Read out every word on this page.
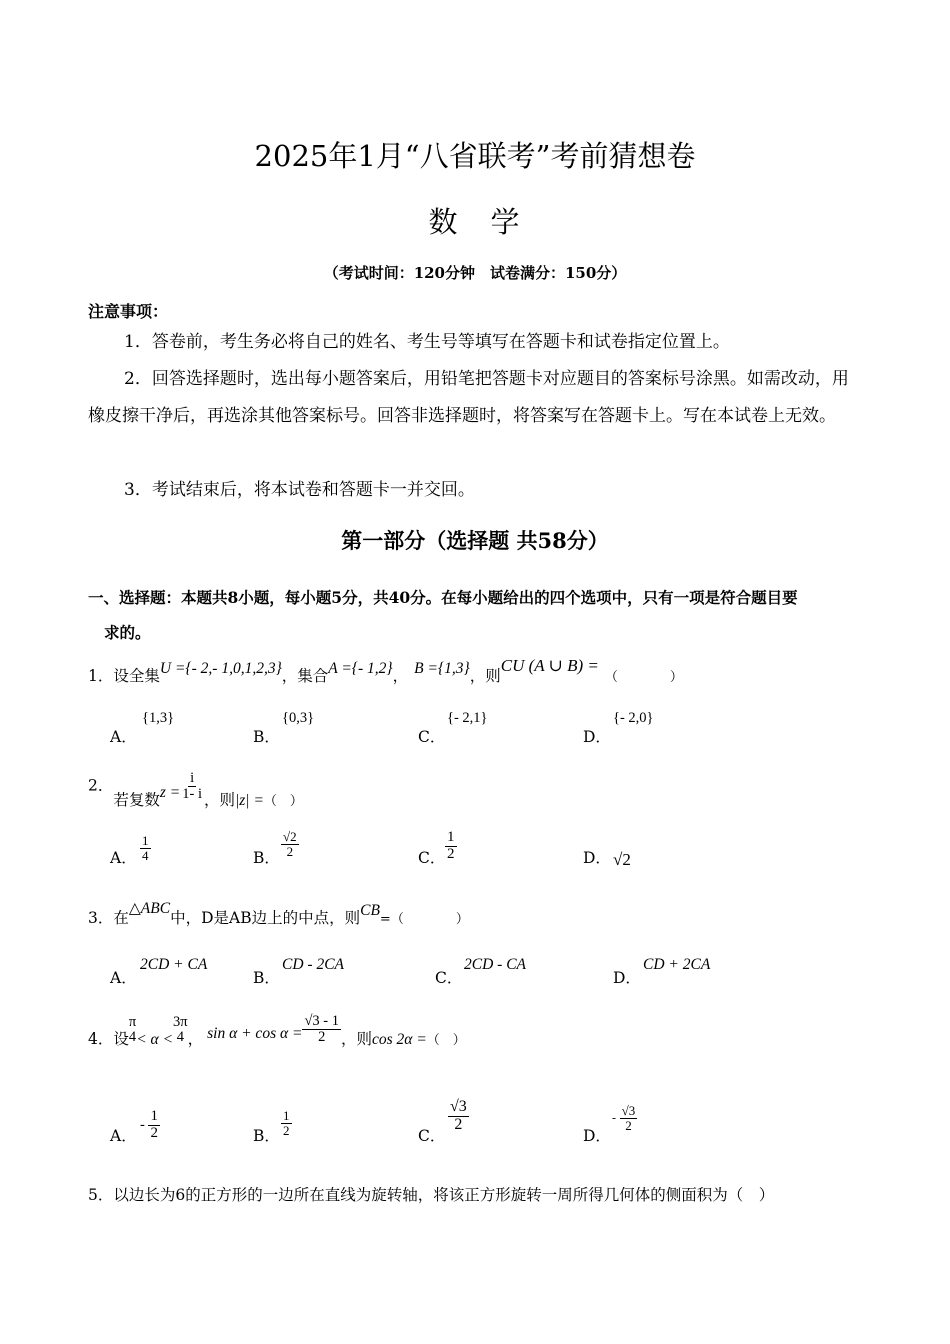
2025年1月“八省联考”考前猜想卷
数　学
（考试时间：120分钟　试卷满分：150分）
注意事项：
1．答卷前，考生务必将自己的姓名、考生号等填写在答题卡和试卷指定位置上。
2．回答选择题时，选出每小题答案后，用铅笔把答题卡对应题目的答案标号涂黑。如需改动，用橡皮擦干净后，再选涂其他答案标号。回答非选择题时，将答案写在答题卡上。写在本试卷上无效。
3．考试结束后，将本试卷和答题卡一并交回。
第一部分（选择题 共58分）
一、选择题：本题共8小题，每小题5分，共40分。在每小题给出的四个选项中，只有一项是符合题目要
求的。
1．设全集U ={- 2,- 1,0,1,2,3}，集合A ={- 1,2}， B ={1,3}，则CU (A ∪ B) =（　　　　）
A．
{1,3}
B．
{0,3}
C．
{- 2,1}
D．
{- 2,0}
2．若复数$z = \frac{i}{1- i}$ ，则$|z| =_{( )}$
A． $\frac{1}{4}$	B． $\frac{√2}{2}$	C． $\frac{1}{2}$	D． √2
3．在△ABC中，D是AB边上的中点，则CB=（　　　　）
A．
2CD + CA
B．
CD - 2CA
C．
2CD - CA
D．
CD + 2CA
4．设
π
4 < α <
3π
4 ， $\sin \alpha + \cos \alpha = \frac{√3 - 1}{2}$ ，则$\cos 2\alpha =_{( )}$
A．
- $\frac{1}{2}$	B． $\frac{1}{2}$	C．
$\frac{√3}{2}$
D．
- $\frac{√3}{2}$
5．以边长为6的正方形的一边所在直线为旋转轴，将该正方形旋转一周所得几何体的侧面积为（　）
